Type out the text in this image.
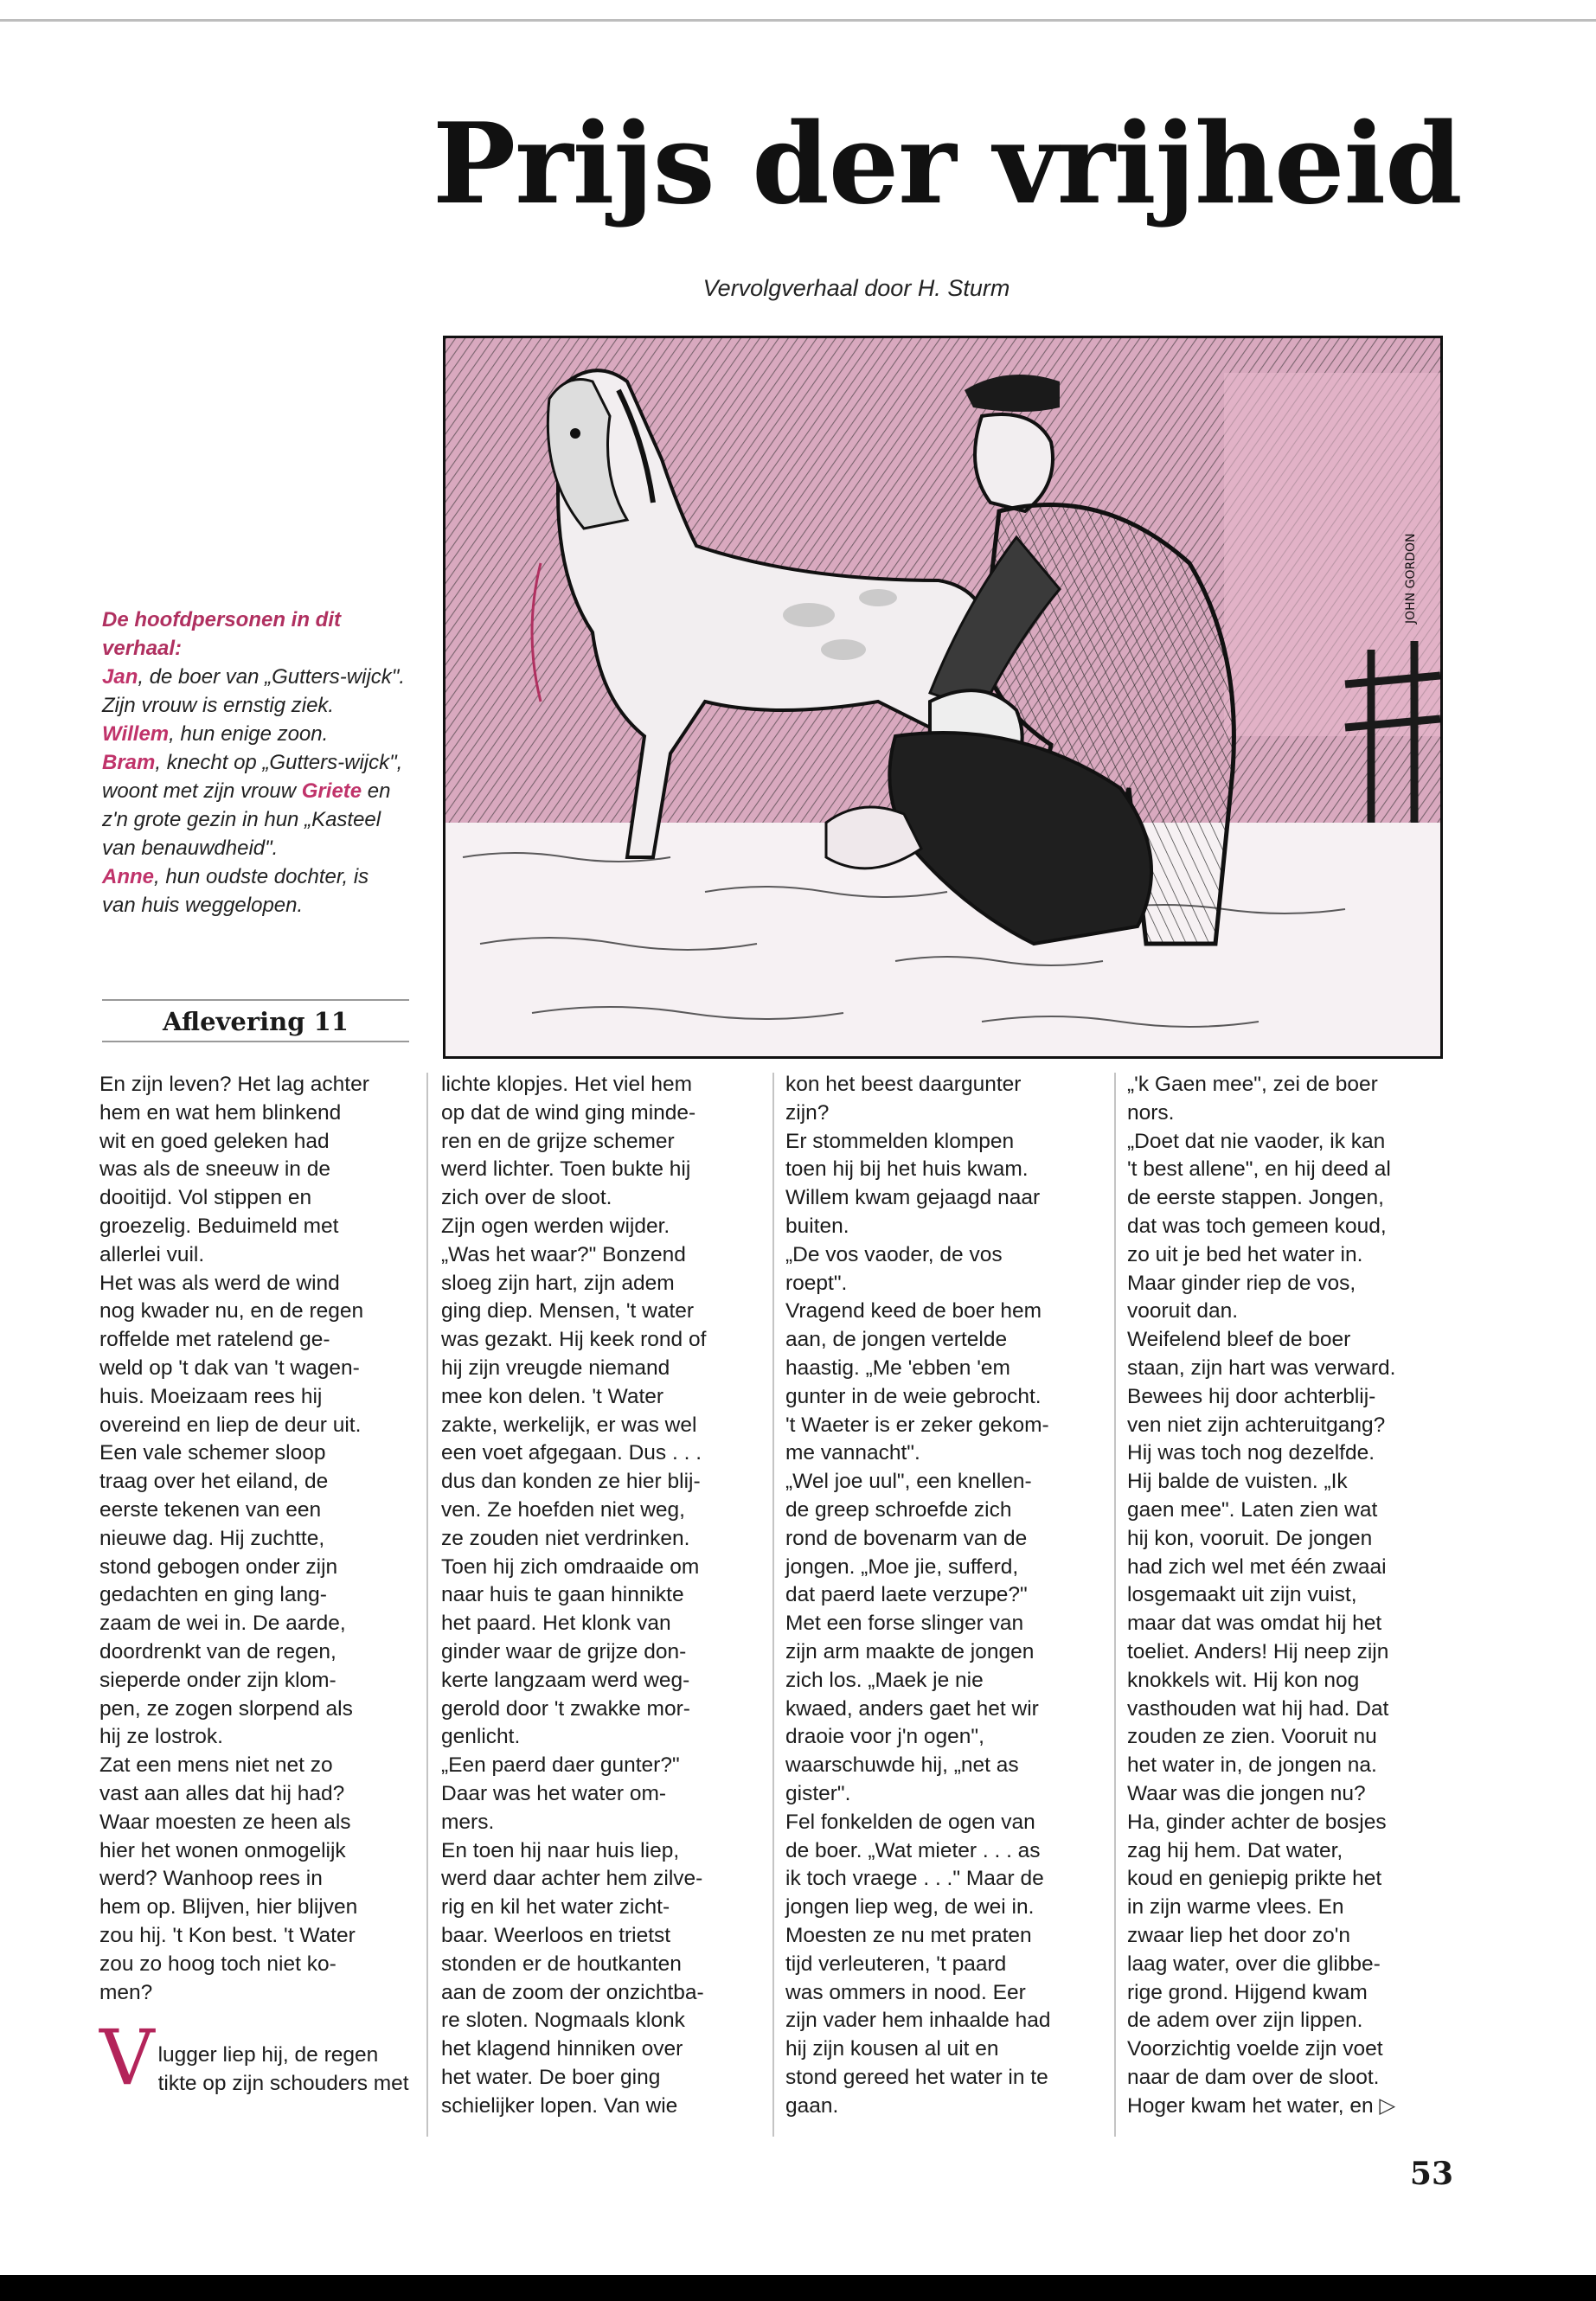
Prijs der vrijheid
Vervolgverhaal door H. Sturm
JOHN GORDON

De hoofdpersonen in dit verhaal:

Jan, de boer van „Gutters-wijck". Zijn vrouw is ernstig ziek.

Willem, hun enige zoon.

Bram, knecht op „Gutters-wijck", woont met zijn vrouw Griete en z'n grote gezin in hun „Kasteel van benauwdheid".

Anne, hun oudste dochter, is van huis weggelopen.

Aflevering 11
En zijn leven? Het lag achter
hem en wat hem blinkend
wit en goed geleken had
was als de sneeuw in de
dooitijd. Vol stippen en
groezelig. Beduimeld met
allerlei vuil.
Het was als werd de wind
nog kwader nu, en de regen
roffelde met ratelend ge-
weld op 't dak van 't wagen-
huis. Moeizaam rees hij
overeind en liep de deur uit.
Een vale schemer sloop
traag over het eiland, de
eerste tekenen van een
nieuwe dag. Hij zuchtte,
stond gebogen onder zijn
gedachten en ging lang-
zaam de wei in. De aarde,
doordrenkt van de regen,
sieperde onder zijn klom-
pen, ze zogen slorpend als
hij ze lostrok.
Zat een mens niet net zo
vast aan alles dat hij had?
Waar moesten ze heen als
hier het wonen onmogelijk
werd? Wanhoop rees in
hem op. Blijven, hier blijven
zou hij. 't Kon best. 't Water
zou zo hoog toch niet ko-
men?
V lugger liep hij, de regen
tikte op zijn schouders met
lichte klopjes. Het viel hem
op dat de wind ging minde-
ren en de grijze schemer
werd lichter. Toen bukte hij
zich over de sloot.
Zijn ogen werden wijder.
„Was het waar?" Bonzend
sloeg zijn hart, zijn adem
ging diep. Mensen, 't water
was gezakt. Hij keek rond of
hij zijn vreugde niemand
mee kon delen. 't Water
zakte, werkelijk, er was wel
een voet afgegaan. Dus . . .
dus dan konden ze hier blij-
ven. Ze hoefden niet weg,
ze zouden niet verdrinken.
Toen hij zich omdraaide om
naar huis te gaan hinnikte
het paard. Het klonk van
ginder waar de grijze don-
kerte langzaam werd weg-
gerold door 't zwakke mor-
genlicht.
„Een paerd daer gunter?"
Daar was het water om-
mers.
En toen hij naar huis liep,
werd daar achter hem zilve-
rig en kil het water zicht-
baar. Weerloos en trietst
stonden er de houtkanten
aan de zoom der onzichtba-
re sloten. Nogmaals klonk
het klagend hinniken over
het water. De boer ging
schielijker lopen. Van wie
kon het beest daargunter
zijn?
Er stommelden klompen
toen hij bij het huis kwam.
Willem kwam gejaagd naar
buiten.
„De vos vaoder, de vos
roept".
Vragend keed de boer hem
aan, de jongen vertelde
haastig. „Me 'ebben 'em
gunter in de weie gebrocht.
't Waeter is er zeker gekom-
me vannacht".
„Wel joe uul", een knellen-
de greep schroefde zich
rond de bovenarm van de
jongen. „Moe jie, sufferd,
dat paerd laete verzupe?"
Met een forse slinger van
zijn arm maakte de jongen
zich los. „Maek je nie
kwaed, anders gaet het wir
draoie voor j'n ogen",
waarschuwde hij, „net as
gister".
Fel fonkelden de ogen van
de boer. „Wat mieter . . . as
ik toch vraege . . ." Maar de
jongen liep weg, de wei in.
Moesten ze nu met praten
tijd verleuteren, 't paard
was ommers in nood. Eer
zijn vader hem inhaalde had
hij zijn kousen al uit en
stond gereed het water in te
gaan.
„'k Gaen mee", zei de boer
nors.
„Doet dat nie vaoder, ik kan
't best allene", en hij deed al
de eerste stappen. Jongen,
dat was toch gemeen koud,
zo uit je bed het water in.
Maar ginder riep de vos,
vooruit dan.
Weifelend bleef de boer
staan, zijn hart was verward.
Bewees hij door achterblij-
ven niet zijn achteruitgang?
Hij was toch nog dezelfde.
Hij balde de vuisten. „Ik
gaen mee". Laten zien wat
hij kon, vooruit. De jongen
had zich wel met één zwaai
losgemaakt uit zijn vuist,
maar dat was omdat hij het
toeliet. Anders! Hij neep zijn
knokkels wit. Hij kon nog
vasthouden wat hij had. Dat
zouden ze zien. Vooruit nu
het water in, de jongen na.
Waar was die jongen nu?
Ha, ginder achter de bosjes
zag hij hem. Dat water,
koud en geniepig prikte het
in zijn warme vlees. En
zwaar liep het door zo'n
laag water, over die glibbe-
rige grond. Hijgend kwam
de adem over zijn lippen.
Voorzichtig voelde zijn voet
naar de dam over de sloot.
Hoger kwam het water, en ▷
53
